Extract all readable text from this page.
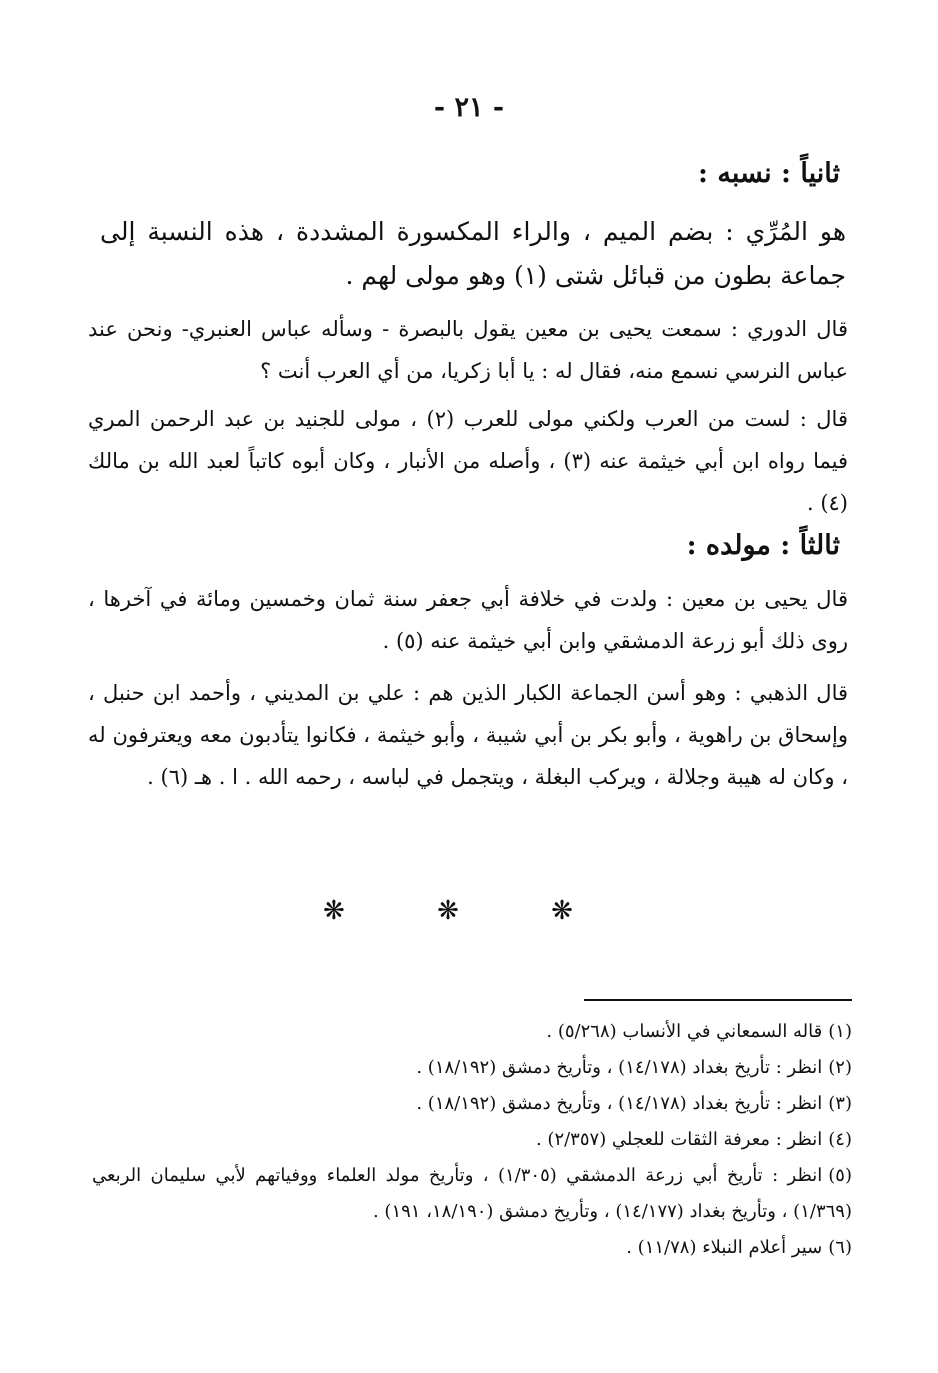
- ٢١ -
ثانياً : نسبه :

هو المُرِّي : بضم الميم ، والراء المكسورة المشددة ، هذه النسبة إلى جماعة بطون من قبائل شتى (١) وهو مولى لهم .

قال الدوري : سمعت يحيى بن معين يقول بالبصرة - وسأله عباس العنبري- ونحن عند عباس النرسي نسمع منه، فقال له : يا أبا زكريا، من أي العرب أنت ؟

قال : لست من العرب ولكني مولى للعرب (٢) ، مولى للجنيد بن عبد الرحمن المري فيما رواه ابن أبي خيثمة عنه (٣) ، وأصله من الأنبار ، وكان أبوه كاتباً لعبد الله بن مالك (٤) .

ثالثاً : مولده :

قال يحيى بن معين : ولدت في خلافة أبي جعفر سنة ثمان وخمسين ومائة في آخرها ، روى ذلك أبو زرعة الدمشقي وابن أبي خيثمة عنه (٥) .

قال الذهبي : وهو أسن الجماعة الكبار الذين هم : علي بن المديني ، وأحمد ابن حنبل ، وإسحاق بن راهوية ، وأبو بكر بن أبي شيبة ، وأبو خيثمة ، فكانوا يتأدبون معه ويعترفون له ، وكان له هيبة وجلالة ، ويركب البغلة ، ويتجمل في لباسه ، رحمه الله . ا . هـ (٦) .

❋ ❋ ❋
(١)قاله السمعاني في الأنساب (٥/٢٦٨) .
(٢)انظر : تأريخ بغداد (١٤/١٧٨) ، وتأريخ دمشق (١٨/١٩٢) .
(٣)انظر : تأريخ بغداد (١٤/١٧٨) ، وتأريخ دمشق (١٨/١٩٢) .
(٤)انظر : معرفة الثقات للعجلي (٢/٣٥٧) .
(٥)انظر : تأريخ أبي زرعة الدمشقي (١/٣٠٥) ، وتأريخ مولد العلماء ووفياتهم لأبي سليمان الربعي (١/٣٦٩) ، وتأريخ بغداد (١٤/١٧٧) ، وتأريخ دمشق (١٨/١٩٠، ١٩١) .
(٦)سير أعلام النبلاء (١١/٧٨) .
